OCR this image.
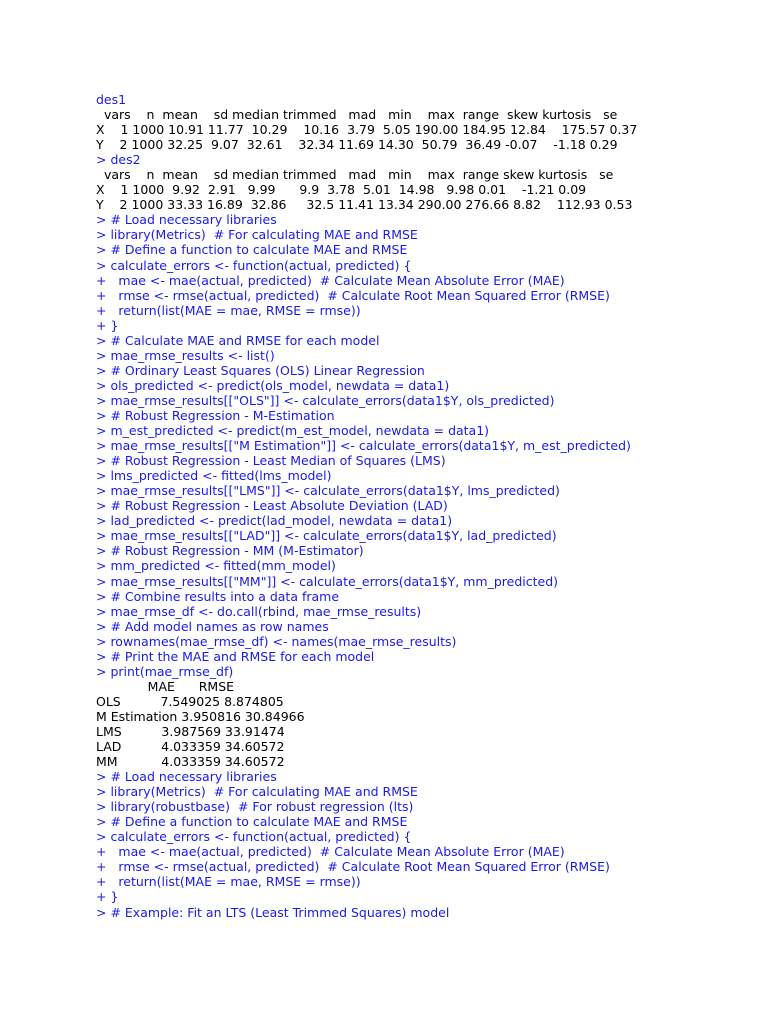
des1
vars    n  mean    sd median trimmed   mad   min    max  range  skew kurtosis   se
X    1 1000 10.91 11.77  10.29    10.16  3.79  5.05 190.00 184.95 12.84    175.57 0.37
Y    2 1000 32.25  9.07  32.61    32.34 11.69 14.30  50.79  36.49 -0.07    -1.18 0.29
> des2
vars    n  mean    sd median trimmed   mad   min    max  range skew kurtosis   se
X    1 1000  9.92  2.91   9.99      9.9  3.78  5.01  14.98   9.98 0.01    -1.21 0.09
Y    2 1000 33.33 16.89  32.86     32.5 11.41 13.34 290.00 276.66 8.82    112.93 0.53
> # Load necessary libraries
> library(Metrics)  # For calculating MAE and RMSE
> # Define a function to calculate MAE and RMSE
> calculate_errors <- function(actual, predicted) {
+   mae <- mae(actual, predicted)  # Calculate Mean Absolute Error (MAE)
+   rmse <- rmse(actual, predicted)  # Calculate Root Mean Squared Error (RMSE)
+   return(list(MAE = mae, RMSE = rmse))
+ }
> # Calculate MAE and RMSE for each model
> mae_rmse_results <- list()
> # Ordinary Least Squares (OLS) Linear Regression
> ols_predicted <- predict(ols_model, newdata = data1)
> mae_rmse_results[["OLS"]] <- calculate_errors(data1$Y, ols_predicted)
> # Robust Regression - M-Estimation
> m_est_predicted <- predict(m_est_model, newdata = data1)
> mae_rmse_results[["M Estimation"]] <- calculate_errors(data1$Y, m_est_predicted)
> # Robust Regression - Least Median of Squares (LMS)
> lms_predicted <- fitted(lms_model)
> mae_rmse_results[["LMS"]] <- calculate_errors(data1$Y, lms_predicted)
> # Robust Regression - Least Absolute Deviation (LAD)
> lad_predicted <- predict(lad_model, newdata = data1)
> mae_rmse_results[["LAD"]] <- calculate_errors(data1$Y, lad_predicted)
> # Robust Regression - MM (M-Estimator)
> mm_predicted <- fitted(mm_model)
> mae_rmse_results[["MM"]] <- calculate_errors(data1$Y, mm_predicted)
> # Combine results into a data frame
> mae_rmse_df <- do.call(rbind, mae_rmse_results)
> # Add model names as row names
> rownames(mae_rmse_df) <- names(mae_rmse_results)
> # Print the MAE and RMSE for each model
> print(mae_rmse_df)
MAE      RMSE
OLS          7.549025 8.874805
M Estimation 3.950816 30.84966
LMS          3.987569 33.91474
LAD          4.033359 34.60572
MM           4.033359 34.60572
> # Load necessary libraries
> library(Metrics)  # For calculating MAE and RMSE
> library(robustbase)  # For robust regression (lts)
> # Define a function to calculate MAE and RMSE
> calculate_errors <- function(actual, predicted) {
+   mae <- mae(actual, predicted)  # Calculate Mean Absolute Error (MAE)
+   rmse <- rmse(actual, predicted)  # Calculate Root Mean Squared Error (RMSE)
+   return(list(MAE = mae, RMSE = rmse))
+ }
> # Example: Fit an LTS (Least Trimmed Squares) model
